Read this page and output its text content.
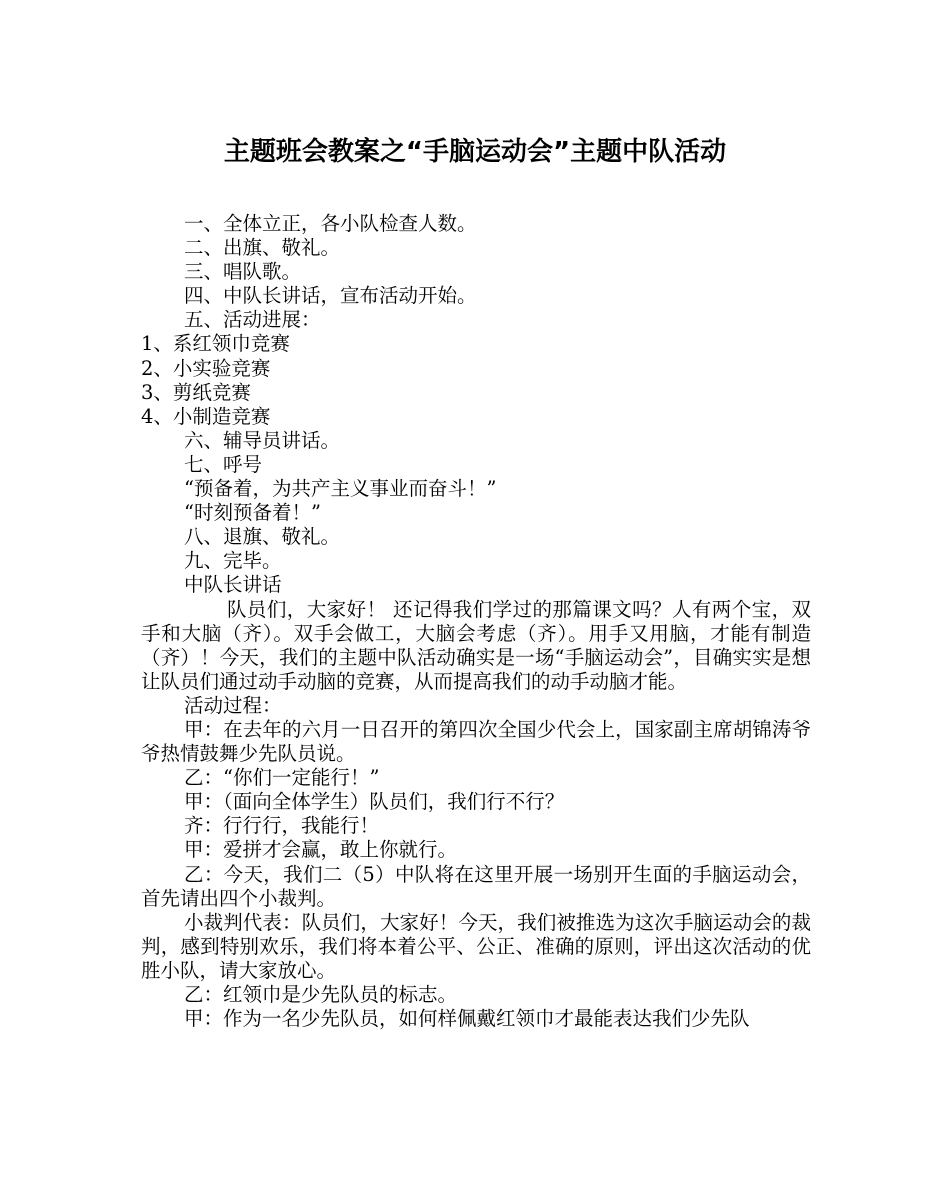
主题班会教案之“手脑运动会”主题中队活动
一、全体立正，各小队检查人数。
二、出旗、敬礼。
三、唱队歌。
四、中队长讲话，宣布活动开始。
五、活动进展：
1、系红领巾竞赛
2、小实验竞赛
3、剪纸竞赛
4、小制造竞赛
六、辅导员讲话。
七、呼号
“预备着，为共产主义事业而奋斗！”
“时刻预备着！”
八、退旗、敬礼。
九、完毕。
中队长讲话
队员们，大家好！ 还记得我们学过的那篇课文吗？人有两个宝，双手和大脑（齐）。双手会做工，大脑会考虑（齐）。用手又用脑，才能有制造（齐）！今天，我们的主题中队活动确实是一场“手脑运动会”，目确实实是想让队员们通过动手动脑的竞赛，从而提高我们的动手动脑才能。
活动过程：
甲：在去年的六月一日召开的第四次全国少代会上，国家副主席胡锦涛爷爷热情鼓舞少先队员说。
乙：“你们一定能行！”
甲：（面向全体学生）队员们，我们行不行？
齐：行行行，我能行！
甲：爱拼才会赢，敢上你就行。
乙：今天，我们二（5）中队将在这里开展一场别开生面的手脑运动会，首先请出四个小裁判。
小裁判代表：队员们，大家好！今天，我们被推选为这次手脑运动会的裁判，感到特别欢乐，我们将本着公平、公正、准确的原则，评出这次活动的优胜小队，请大家放心。
乙：红领巾是少先队员的标志。
甲：作为一名少先队员，如何样佩戴红领巾才最能表达我们少先队
